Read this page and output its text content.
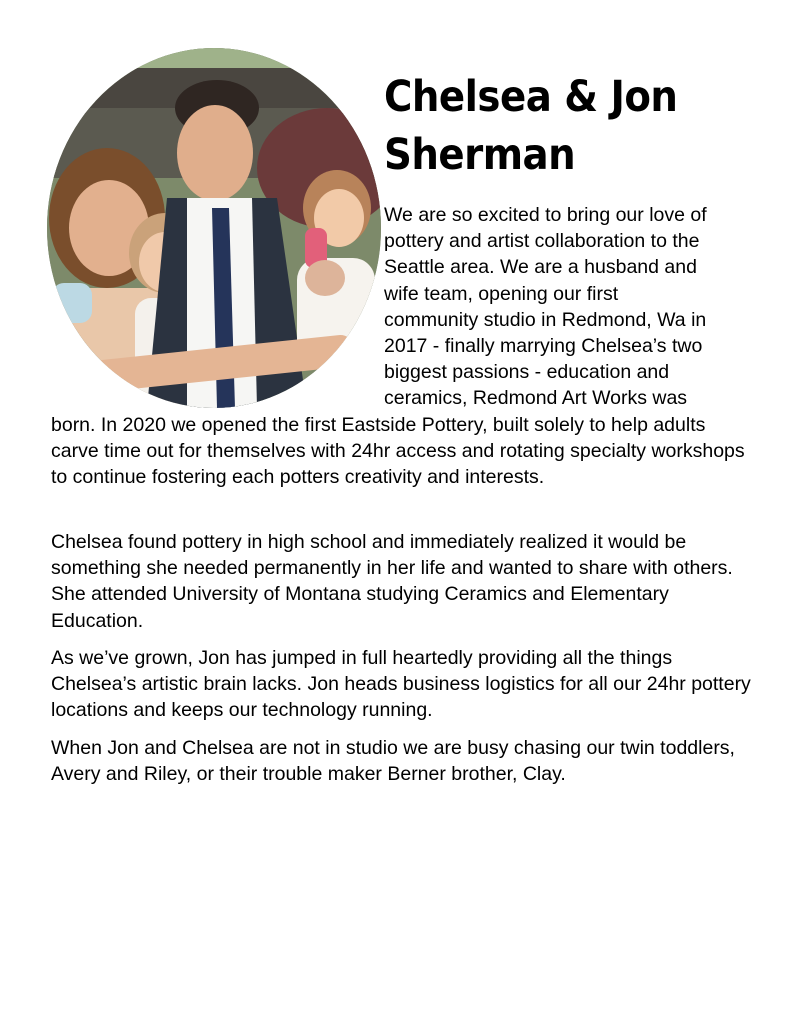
Chelsea & Jon Sherman
We are so excited to bring our love of
pottery and artist collaboration to the
Seattle area. We are a husband and
wife team, opening our first
community studio in Redmond, Wa in
2017 - finally marrying Chelsea’s two
biggest passions - education and
ceramics, Redmond Art Works was

born. In 2020 we opened the first Eastside Pottery, built solely to help adults carve time out for themselves with 24hr access and rotating specialty workshops to continue fostering each potters creativity and interests.

Chelsea found pottery in high school and immediately realized it would be something she needed permanently in her life and wanted to share with others. She attended University of Montana studying Ceramics and Elementary Education.

As we’ve grown, Jon has jumped in full heartedly providing all the things Chelsea’s artistic brain lacks. Jon heads business logistics for all our 24hr pottery locations and keeps our technology running.

When Jon and Chelsea are not in studio we are busy chasing our twin toddlers, Avery and Riley, or their trouble maker Berner brother, Clay.
